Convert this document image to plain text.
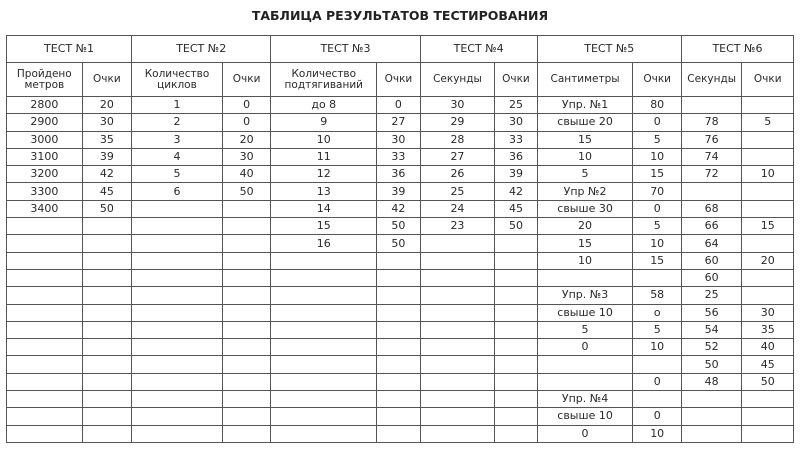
ТАБЛИЦА РЕЗУЛЬТАТОВ ТЕСТИРОВАНИЯ
ТЕСТ №1		ТЕСТ №2		ТЕСТ №3		ТЕСТ №4		ТЕСТ №5		ТЕСТ №6	
Пройдено метров	Очки	Количество циклов	Очки	Количество подтягиваний	Очки	Секунды	Очки	Сантиметры	Очки	Секунды	Очки
2800	20	1	0	до 8	0	30	25	Упр. №1	80		
2900	30	2	0	9	27	29	30	свыше 20	0	78	5
3000	35	3	20	10	30	28	33	15	5	76	
3100	39	4	30	11	33	27	36	10	10	74	
3200	42	5	40	12	36	26	39	5	15	72	10
3300	45	6	50	13	39	25	42	Упр №2	70		
3400	50			14	42	24	45	свыше 30	0	68	
				15	50	23	50	20	5	66	15
				16	50			15	10	64	
								10	15	60	20
										60	
								Упр. №3	58	25	
								свыше 10	о	56	30
								5	5	54	35
								0	10	52	40
										50	45
									0	48	50
								Упр. №4			
								свыше 10	0		
								0	10		
